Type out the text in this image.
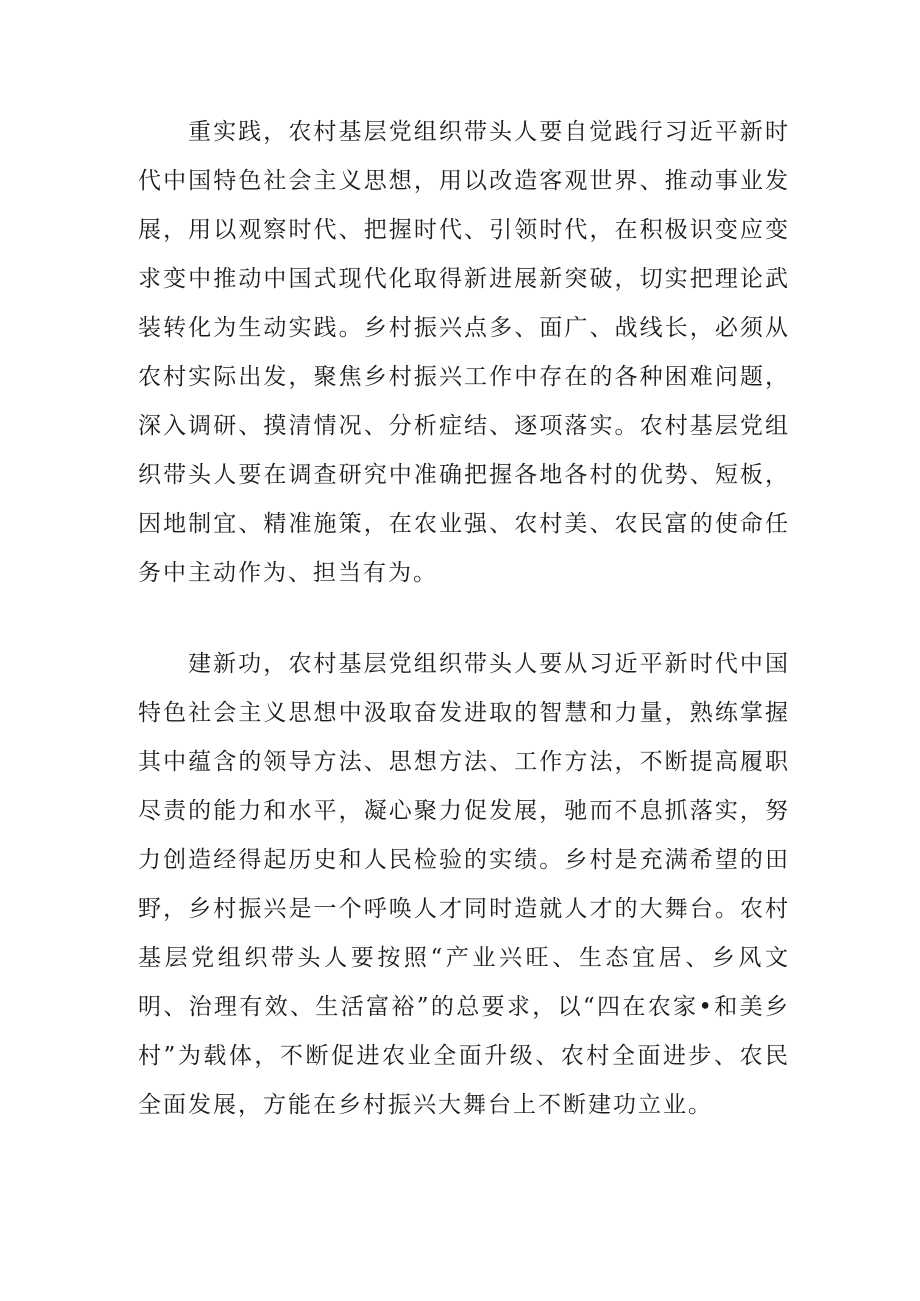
重实践，农村基层党组织带头人要自觉践行习近平新时代中国特色社会主义思想，用以改造客观世界、推动事业发展，用以观察时代、把握时代、引领时代，在积极识变应变求变中推动中国式现代化取得新进展新突破，切实把理论武装转化为生动实践。乡村振兴点多、面广、战线长，必须从农村实际出发，聚焦乡村振兴工作中存在的各种困难问题，深入调研、摸清情况、分析症结、逐项落实。农村基层党组织带头人要在调查研究中准确把握各地各村的优势、短板，因地制宜、精准施策，在农业强、农村美、农民富的使命任务中主动作为、担当有为。

建新功，农村基层党组织带头人要从习近平新时代中国特色社会主义思想中汲取奋发进取的智慧和力量，熟练掌握其中蕴含的领导方法、思想方法、工作方法，不断提高履职尽责的能力和水平，凝心聚力促发展，驰而不息抓落实，努力创造经得起历史和人民检验的实绩。乡村是充满希望的田野，乡村振兴是一个呼唤人才同时造就人才的大舞台。农村基层党组织带头人要按照“产业兴旺、生态宜居、乡风文明、治理有效、生活富裕”的总要求，以“四在农家•和美乡村”为载体，不断促进农业全面升级、农村全面进步、农民全面发展，方能在乡村振兴大舞台上不断建功立业。
